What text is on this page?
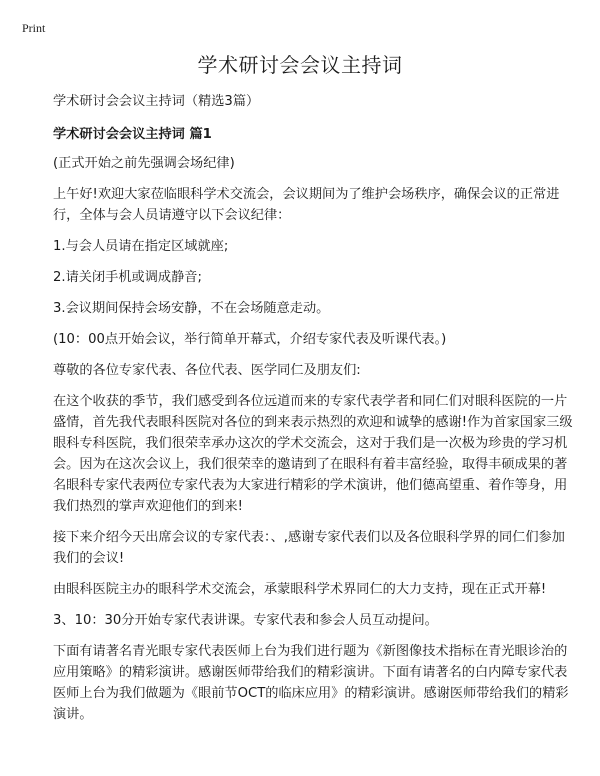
Print
学术研讨会会议主持词

学术研讨会会议主持词（精选3篇）

学术研讨会会议主持词 篇1

(正式开始之前先强调会场纪律)

上午好!欢迎大家莅临眼科学术交流会，会议期间为了维护会场秩序，确保会议的正常进行，全体与会人员请遵守以下会议纪律：

1.与会人员请在指定区域就座;

2.请关闭手机或调成静音;

3.会议期间保持会场安静，不在会场随意走动。

(10：00点开始会议，举行简单开幕式，介绍专家代表及听课代表。)

尊敬的各位专家代表、各位代表、医学同仁及朋友们:

在这个收获的季节，我们感受到各位远道而来的专家代表学者和同仁们对眼科医院的一片盛情，首先我代表眼科医院对各位的到来表示热烈的欢迎和诚挚的感谢!作为首家国家三级眼科专科医院，我们很荣幸承办这次的学术交流会，这对于我们是一次极为珍贵的学习机会。因为在这次会议上，我们很荣幸的邀请到了在眼科有着丰富经验，取得丰硕成果的著名眼科专家代表两位专家代表为大家进行精彩的学术演讲，他们德高望重、着作等身，用我们热烈的掌声欢迎他们的到来!

接下来介绍今天出席会议的专家代表：、,感谢专家代表们以及各位眼科学界的同仁们参加我们的会议!

由眼科医院主办的眼科学术交流会，承蒙眼科学术界同仁的大力支持，现在正式开幕!

3、10：30分开始专家代表讲课。专家代表和参会人员互动提问。

下面有请著名青光眼专家代表医师上台为我们进行题为《新图像技术指标在青光眼诊治的应用策略》的精彩演讲。感谢医师带给我们的精彩演讲。下面有请著名的白内障专家代表医师上台为我们做题为《眼前节OCT的临床应用》的精彩演讲。感谢医师带给我们的精彩演讲。
